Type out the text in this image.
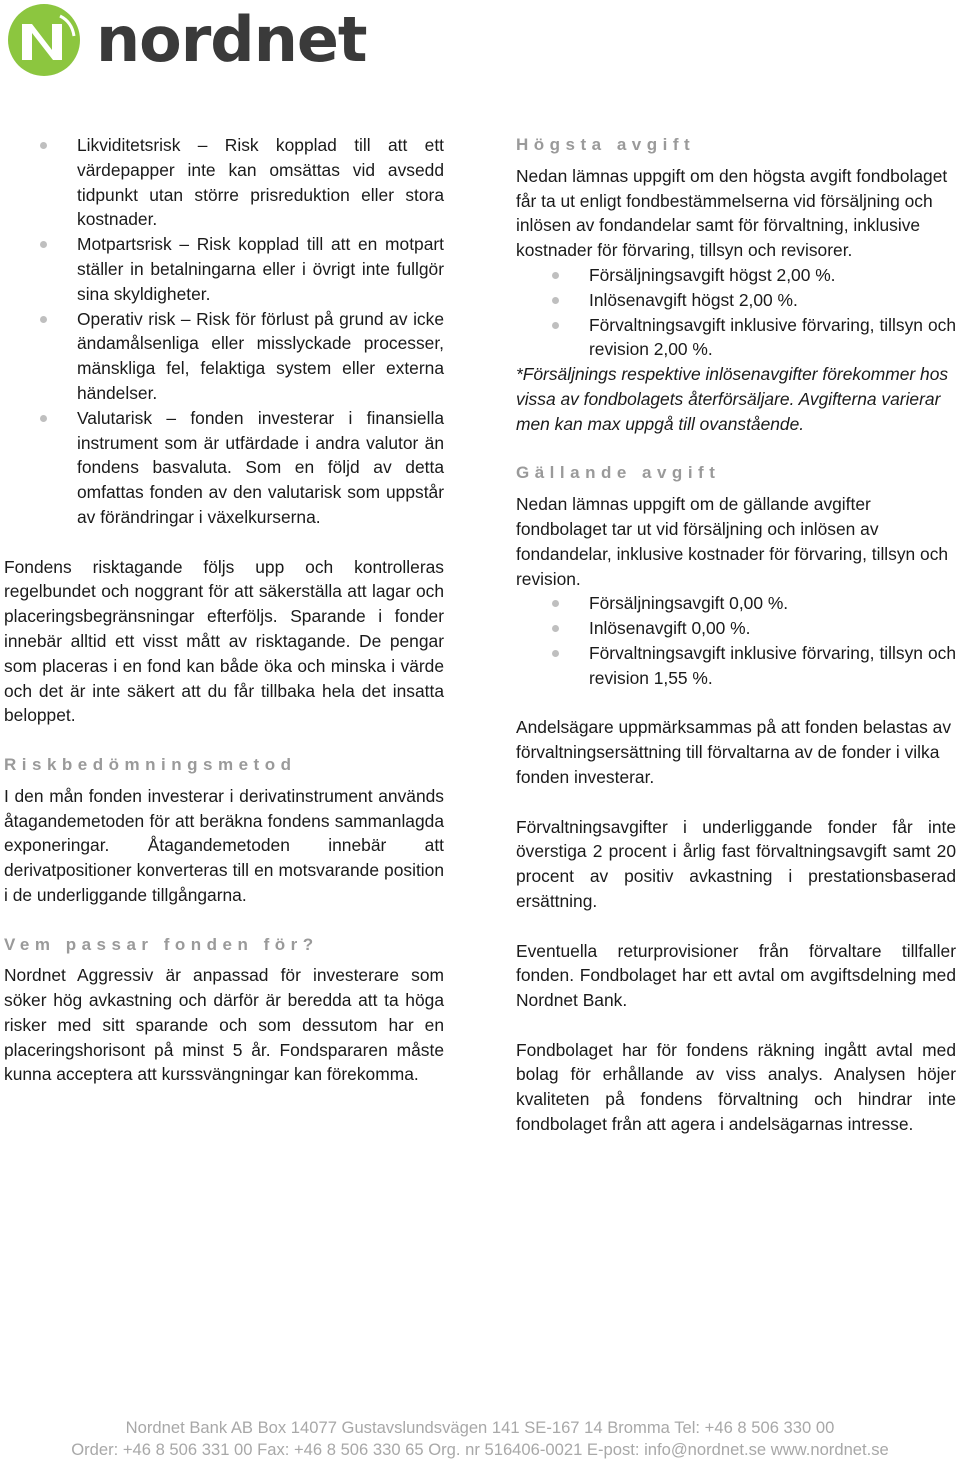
nordnet
Likviditetsrisk – Risk kopplad till att ett värdepapper inte kan omsättas vid avsedd tidpunkt utan större prisreduktion eller stora kostnader.
Motpartsrisk – Risk kopplad till att en motpart ställer in betalningarna eller i övrigt inte fullgör sina skyldigheter.
Operativ risk – Risk för förlust på grund av icke ändamålsenliga eller misslyckade processer, mänskliga fel, felaktiga system eller externa händelser.
Valutarisk – fonden investerar i finansiella instrument som är utfärdade i andra valutor än fondens basvaluta. Som en följd av detta omfattas fonden av den valutarisk som uppstår av förändringar i växelkurserna.

Fondens risktagande följs upp och kontrolleras regelbundet och noggrant för att säkerställa att lagar och placeringsbegränsningar efterföljs. Sparande i fonder innebär alltid ett visst mått av risktagande. De pengar som placeras i en fond kan både öka och minska i värde och det är inte säkert att du får tillbaka hela det insatta beloppet.

Riskbedömningsmetod

I den mån fonden investerar i derivatinstrument används åtagandemetoden för att beräkna fondens sammanlagda exponeringar. Åtagandemetoden innebär att derivatpositioner konverteras till en motsvarande position i de underliggande tillgångarna.

Vem passar fonden för?

Nordnet Aggressiv är anpassad för investerare som söker hög avkastning och därför är beredda att ta höga risker med sitt sparande och som dessutom har en placeringshorisont på minst 5 år. Fondspararen måste kunna acceptera att kurssvängningar kan förekomma.

Högsta avgift

Nedan lämnas uppgift om den högsta avgift fondbolaget får ta ut enligt fondbestämmelserna vid försäljning och inlösen av fondandelar samt för förvaltning, inklusive kostnader för förvaring, tillsyn och revisorer.

Försäljningsavgift högst 2,00 %.
Inlösenavgift högst 2,00 %.
Förvaltningsavgift inklusive förvaring, tillsyn och revision 2,00 %.

*Försäljnings respektive inlösenavgifter förekommer hos vissa av fondbolagets återförsäljare. Avgifterna varierar men kan max uppgå till ovanstående.

Gällande avgift

Nedan lämnas uppgift om de gällande avgifter fondbolaget tar ut vid försäljning och inlösen av fondandelar, inklusive kostnader för förvaring, tillsyn och revision.

Försäljningsavgift 0,00 %.
Inlösenavgift 0,00 %.
Förvaltningsavgift inklusive förvaring, tillsyn och revision 1,55 %.

Andelsägare uppmärksammas på att fonden belastas av förvaltningsersättning till förvaltarna av de fonder i vilka fonden investerar.

Förvaltningsavgifter i underliggande fonder får inte överstiga 2 procent i årlig fast förvaltningsavgift samt 20 procent av positiv avkastning i prestationsbaserad ersättning.

Eventuella returprovisioner från förvaltare tillfaller fonden. Fondbolaget har ett avtal om avgiftsdelning med Nordnet Bank.

Fondbolaget har för fondens räkning ingått avtal med bolag för erhållande av viss analys. Analysen höjer kvaliteten på fondens förvaltning och hindrar inte fondbolaget från att agera i andelsägarnas intresse.

Nordnet Bank AB Box 14077 Gustavslundsvägen 141 SE-167 14 Bromma Tel: +46 8 506 330 00
Order: +46 8 506 331 00 Fax: +46 8 506 330 65 Org. nr 516406-0021 E-post: info@nordnet.se www.nordnet.se
